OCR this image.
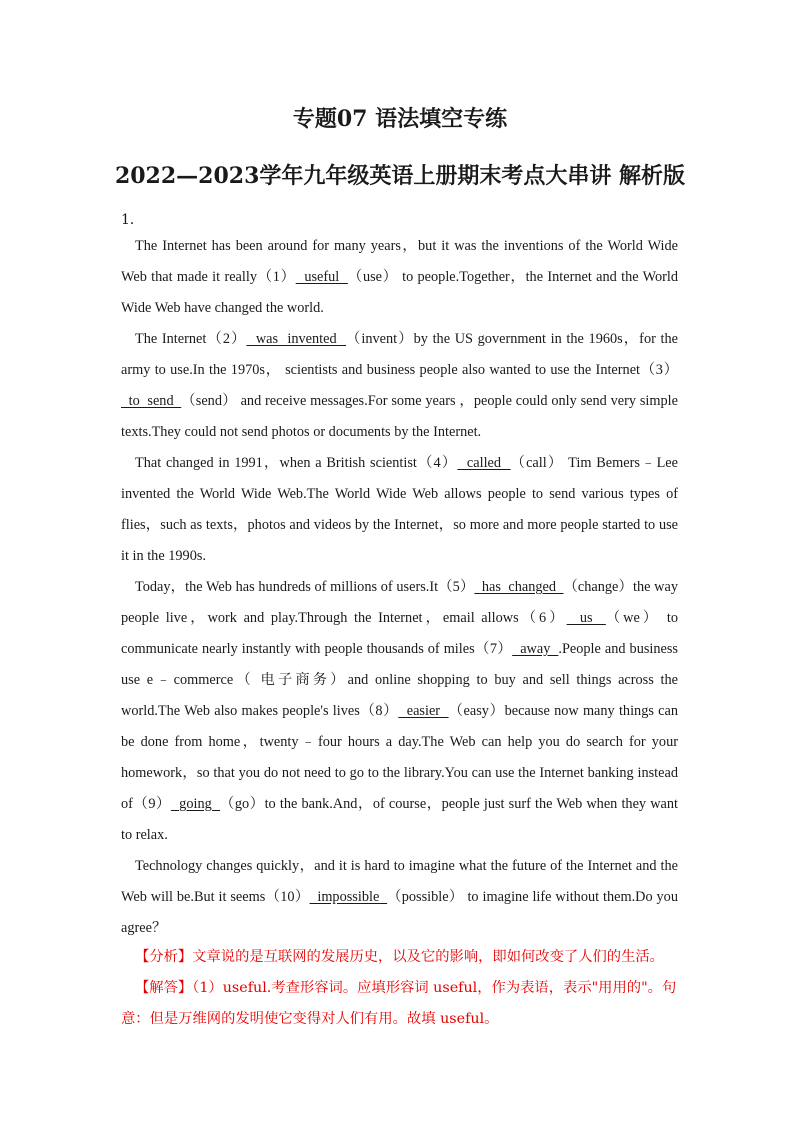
专题07 语法填空专练
2022—2023学年九年级英语上册期末考点大串讲 解析版
1．

The Internet has been around for many years，but it was the inventions of the World Wide Web that made it really（1）  useful  （use） to people.Together，the Internet and the World Wide Web have changed the world.

The Internet（2）  was  invented  （invent）by the US government in the 1960s，for the army to use.In the 1970s， scientists and business people also wanted to use the Internet（3）  to  send  （send） and receive messages.For some years ，people could only send very simple texts.They could not send photos or documents by the Internet.

That changed in 1991，when a British scientist（4）  called  （call） Tim Bemers﹣Lee invented the World Wide Web.The World Wide Web allows people to send various types of flies，such as texts，photos and videos by the Internet，so more and more people started to use it in the 1990s.

Today，the Web has hundreds of millions of users.It（5）  has  changed  （change）the way people live，work and play.Through the Internet，email allows（6）  us  （we） to communicate nearly instantly with people thousands of miles（7）  away  .People and business use e﹣commerce（ 电子商务）and online shopping to buy and sell things across the world.The Web also makes people's lives（8）  easier  （easy）because now many things can be done from home，twenty﹣four hours a day.The Web can help you do search for your homework，so that you do not need to go to the library.You can use the Internet banking instead of（9）  going  （go）to the bank.And，of course，people just surf the Web when they want to relax.

Technology changes quickly，and it is hard to imagine what the future of the Internet and the Web will be.But it seems（10）  impossible  （possible） to imagine life without them.Do you agree？

【分析】文章说的是互联网的发展历史，以及它的影响，即如何改变了人们的生活。

【解答】（1）useful.考查形容词。应填形容词 useful，作为表语，表示"用用的"。句意：但是万维网的发明使它变得对人们有用。故填 useful。
